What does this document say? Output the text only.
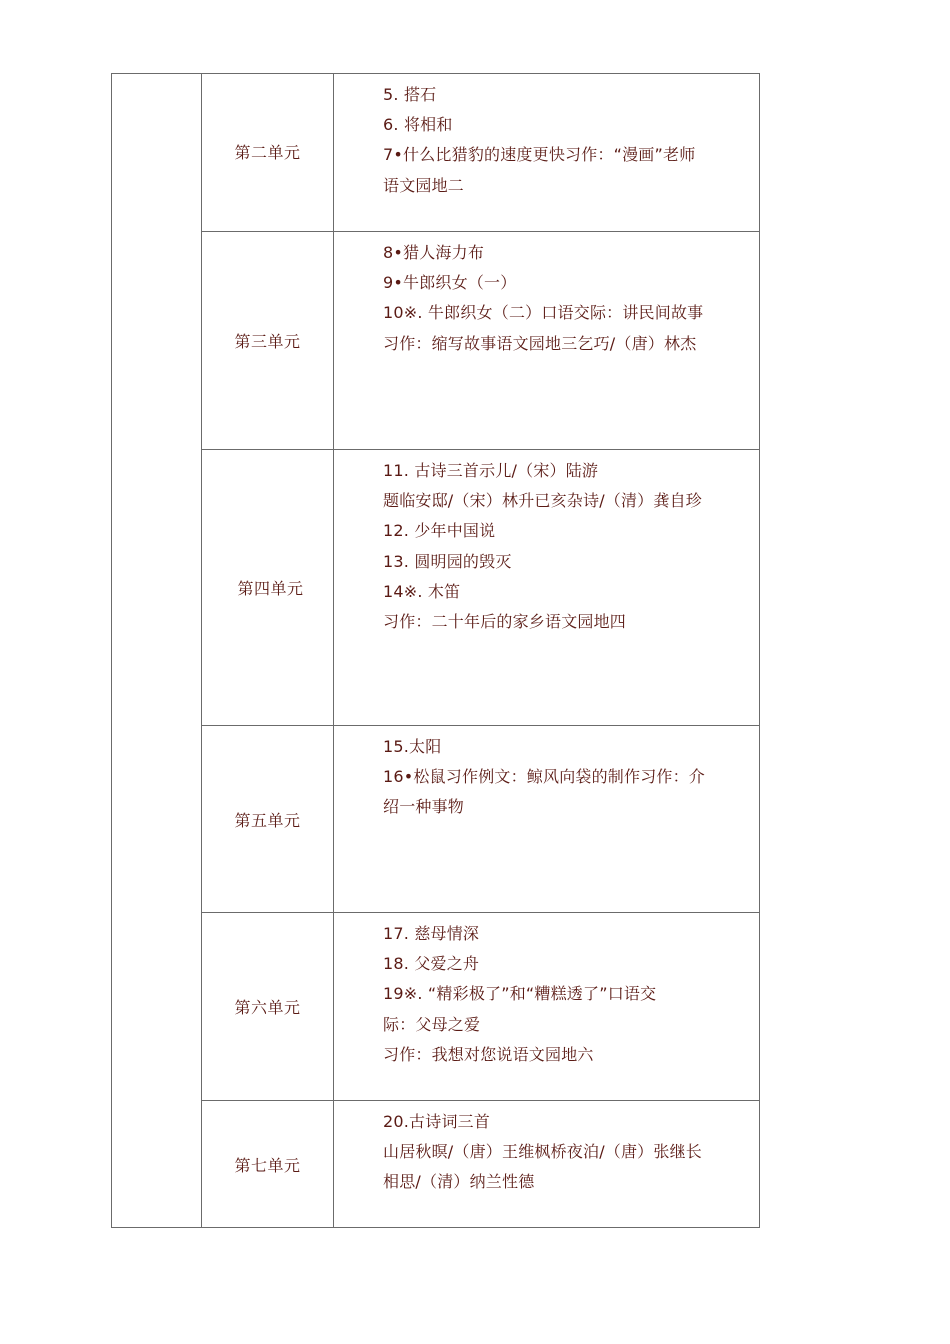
第二单元
5. 搭石
6. 将相和
7•什么比猎豹的速度更快习作：“漫画”老师
语文园地二
第三单元
8•猎人海力布
9•牛郎织女（一）
10※. 牛郎织女（二）口语交际：讲民间故事
习作：缩写故事语文园地三乞巧/（唐）林杰
第四单元
11. 古诗三首示儿/（宋）陆游
题临安邸/（宋）林升已亥杂诗/（清）龚自珍
12. 少年中国说
13. 圆明园的毁灭
14※. 木笛
习作：二十年后的家乡语文园地四
第五单元
15.太阳
16•松鼠习作例文：鲸风向袋的制作习作：介
绍一种事物
第六单元
17. 慈母情深
18. 父爱之舟
19※. “精彩极了”和“糟糕透了”口语交
际：父母之爱
习作：我想对您说语文园地六
第七单元
20.古诗词三首
山居秋暝/（唐）王维枫桥夜泊/（唐）张继长
相思/（清）纳兰性德
